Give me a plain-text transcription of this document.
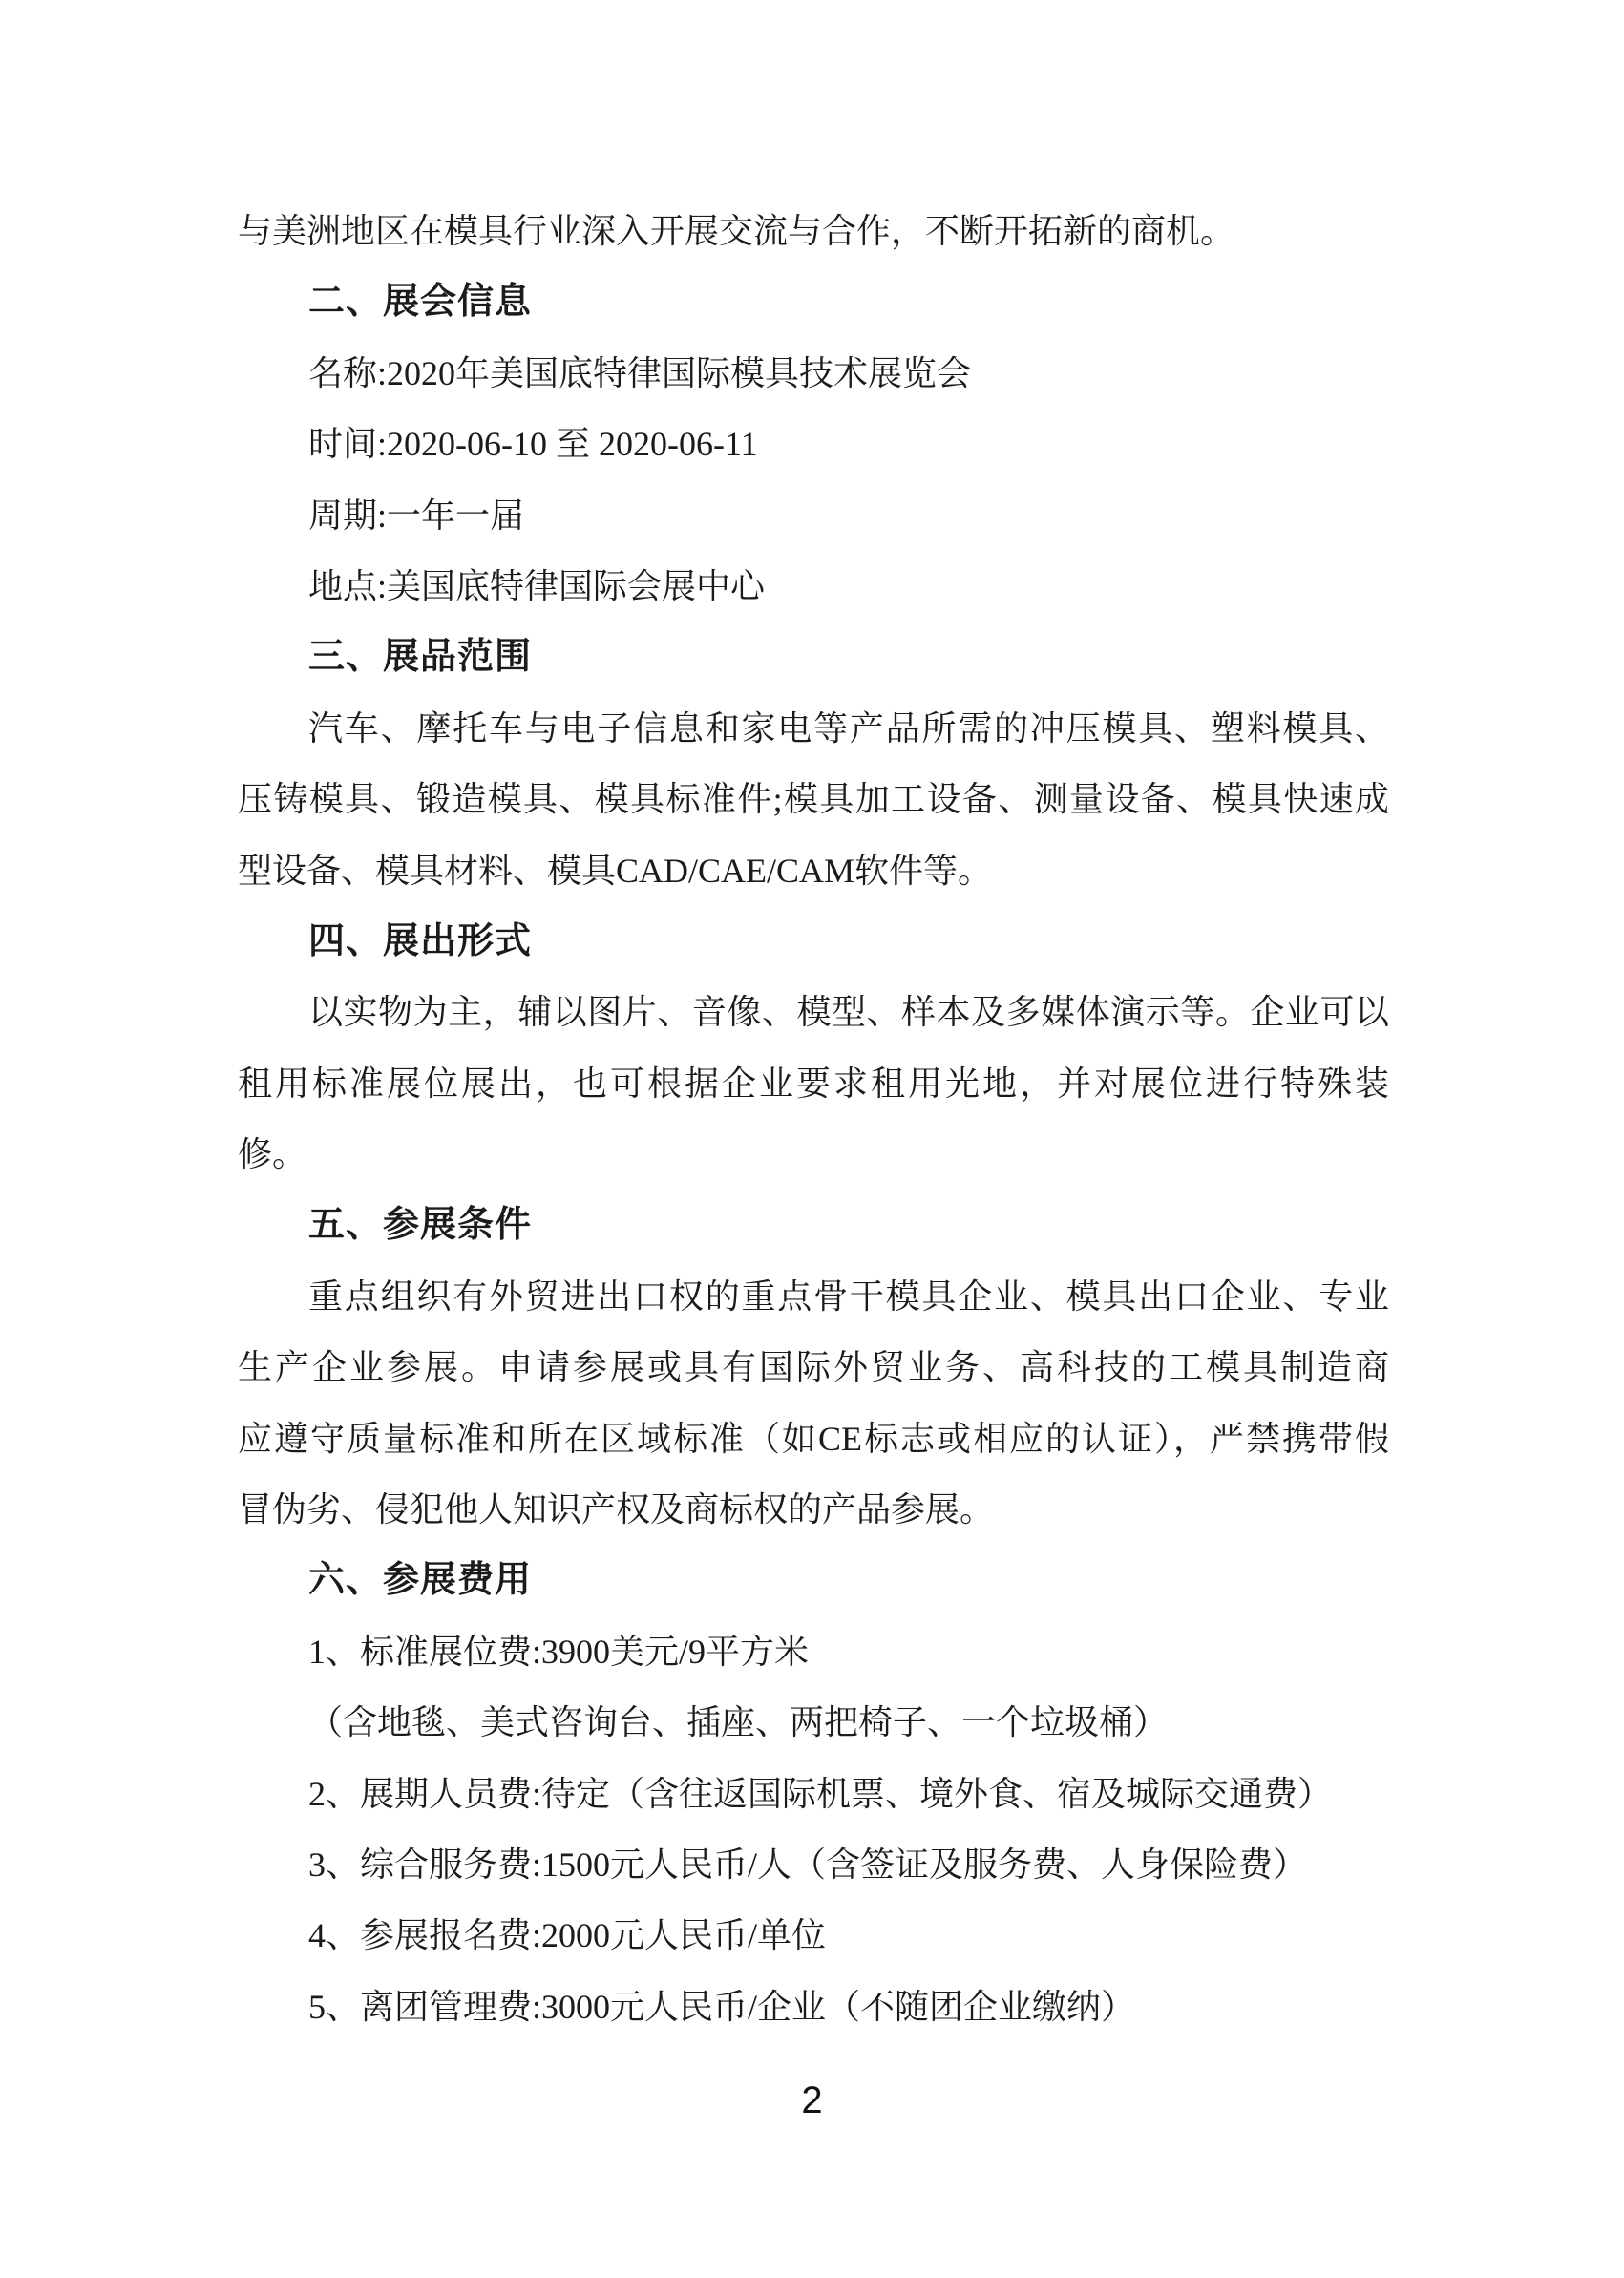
与美洲地区在模具行业深入开展交流与合作，不断开拓新的商机。
二、展会信息
名称:2020年美国底特律国际模具技术展览会
时间:2020-06-10 至 2020-06-11
周期:一年一届
地点:美国底特律国际会展中心
三、展品范围
汽车、摩托车与电子信息和家电等产品所需的冲压模具、塑料模具、
压铸模具、锻造模具、模具标准件;模具加工设备、测量设备、模具快速成
型设备、模具材料、模具CAD/CAE/CAM软件等。
四、展出形式
以实物为主，辅以图片、音像、模型、样本及多媒体演示等。企业可以
租用标准展位展出，也可根据企业要求租用光地，并对展位进行特殊装
修。
五、参展条件
重点组织有外贸进出口权的重点骨干模具企业、模具出口企业、专业
生产企业参展。申请参展或具有国际外贸业务、高科技的工模具制造商
应遵守质量标准和所在区域标准（如CE标志或相应的认证），严禁携带假
冒伪劣、侵犯他人知识产权及商标权的产品参展。
六、参展费用
1、标准展位费:3900美元/9平方米
（含地毯、美式咨询台、插座、两把椅子、一个垃圾桶）
2、展期人员费:待定（含往返国际机票、境外食、宿及城际交通费）
3、综合服务费:1500元人民币/人（含签证及服务费、人身保险费）
4、参展报名费:2000元人民币/单位
5、离团管理费:3000元人民币/企业（不随团企业缴纳）
2
